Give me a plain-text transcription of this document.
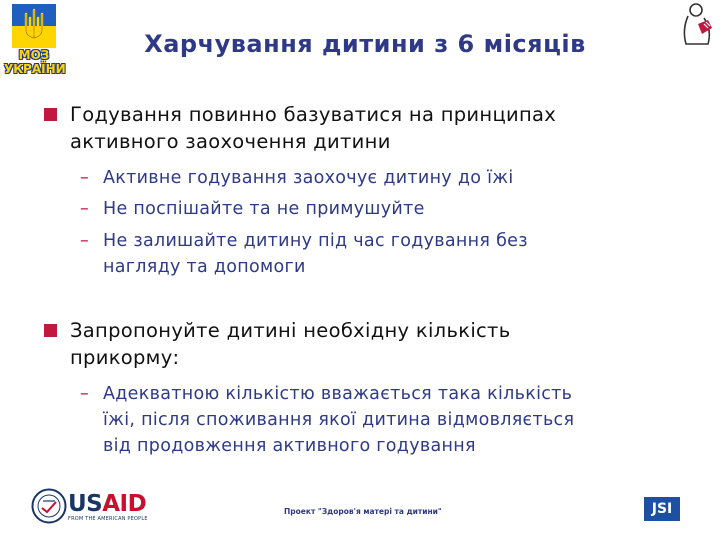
МОЗ
УКРАЇНИ
Харчування дитини з 6 місяців
Годування повинно базуватися на принципах
активного заохочення дитини
– Активне годування заохочує дитину до їжі
– Не поспішайте та не примушуйте
– Не залишайте дитину під час годування без
нагляду та допомоги
Запропонуйте дитині необхідну кількість
прикорму:
– Адекватною кількістю вважається така кількість
їжі, після споживання якої дитина відмовляється
від продовження активного годування
USAID
FROM THE AMERICAN PEOPLE
Проект "Здоров'я матері та дитини"	JSI
